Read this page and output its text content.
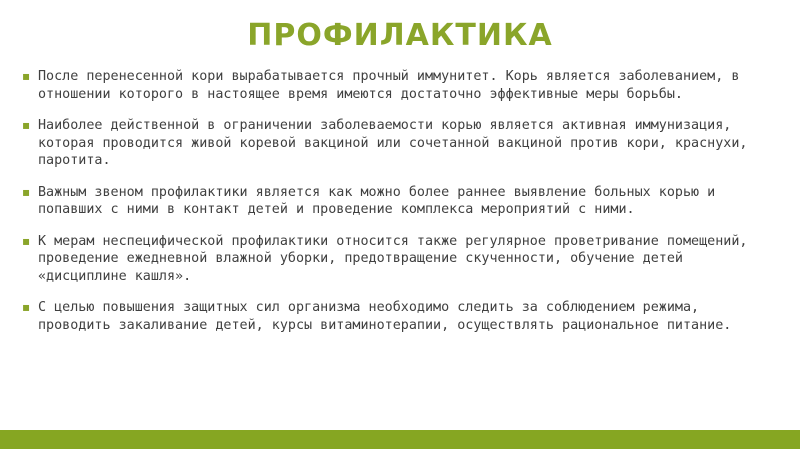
ПРОФИЛАКТИКА
▪ После перенесенной кори вырабатывается прочный иммунитет. Корь является заболеванием, в отношении которого в настоящее время имеются достаточно эффективные меры борьбы.
▪ Наиболее действенной в ограничении заболеваемости корью является активная иммунизация, которая проводится живой коревой вакциной или сочетанной вакциной против кори, краснухи, паротита.
▪ Важным звеном профилактики является как можно более раннее выявление больных корью и попавших с ними в контакт детей и проведение комплекса мероприятий с ними.
▪ К мерам неспецифической профилактики относится также регулярное проветривание помещений, проведение ежедневной влажной уборки, предотвращение скученности, обучение детей «дисциплине кашля».
▪ С целью повышения защитных сил организма необходимо следить за соблюдением режима, проводить закаливание детей, курсы витаминотерапии, осуществлять рациональное питание.
